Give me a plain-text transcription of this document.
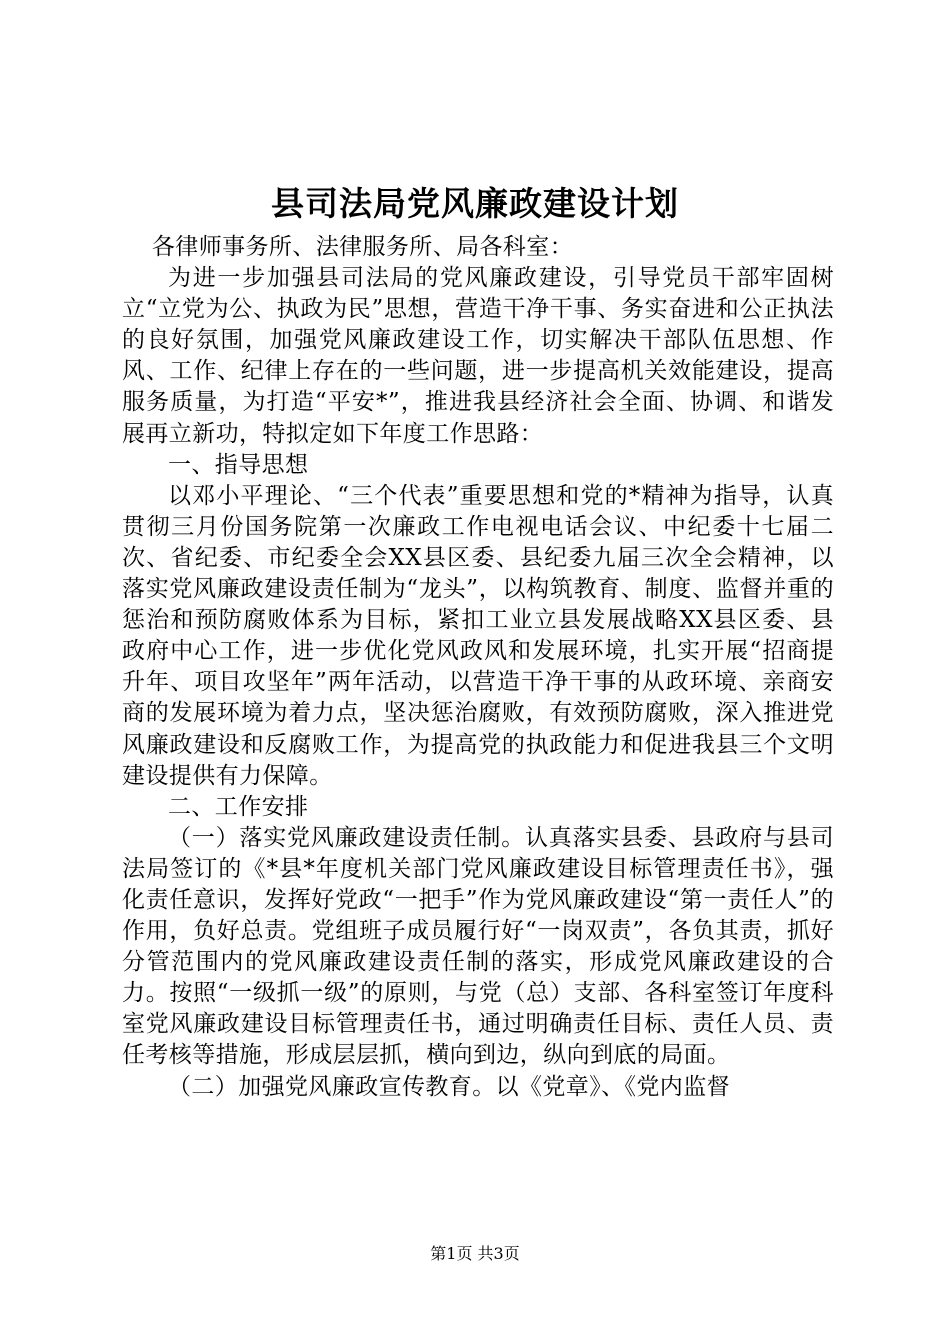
县司法局党风廉政建设计划

各律师事务所、法律服务所、局各科室：

为进一步加强县司法局的党风廉政建设，引导党员干部牢固树立“立党为公、执政为民”思想，营造干净干事、务实奋进和公正执法的良好氛围，加强党风廉政建设工作，切实解决干部队伍思想、作风、工作、纪律上存在的一些问题，进一步提高机关效能建设，提高服务质量，为打造“平安*”，推进我县经济社会全面、协调、和谐发展再立新功，特拟定如下年度工作思路：

一、指导思想

以邓小平理论、“三个代表”重要思想和党的*精神为指导，认真贯彻三月份国务院第一次廉政工作电视电话会议、中纪委十七届二次、省纪委、市纪委全会XX县区委、县纪委九届三次全会精神，以落实党风廉政建设责任制为“龙头”，以构筑教育、制度、监督并重的惩治和预防腐败体系为目标，紧扣工业立县发展战略XX县区委、县政府中心工作，进一步优化党风政风和发展环境，扎实开展“招商提升年、项目攻坚年”两年活动，以营造干净干事的从政环境、亲商安商的发展环境为着力点，坚决惩治腐败，有效预防腐败，深入推进党风廉政建设和反腐败工作，为提高党的执政能力和促进我县三个文明建设提供有力保障。

二、工作安排

（一）落实党风廉政建设责任制。认真落实县委、县政府与县司法局签订的《*县*年度机关部门党风廉政建设目标管理责任书》，强化责任意识，发挥好党政“一把手”作为党风廉政建设“第一责任人”的作用，负好总责。党组班子成员履行好“一岗双责”，各负其责，抓好分管范围内的党风廉政建设责任制的落实，形成党风廉政建设的合力。按照“一级抓一级”的原则，与党（总）支部、各科室签订年度科室党风廉政建设目标管理责任书，通过明确责任目标、责任人员、责任考核等措施，形成层层抓，横向到边，纵向到底的局面。

（二）加强党风廉政宣传教育。以《党章》、《党内监督

第1页 共3页
